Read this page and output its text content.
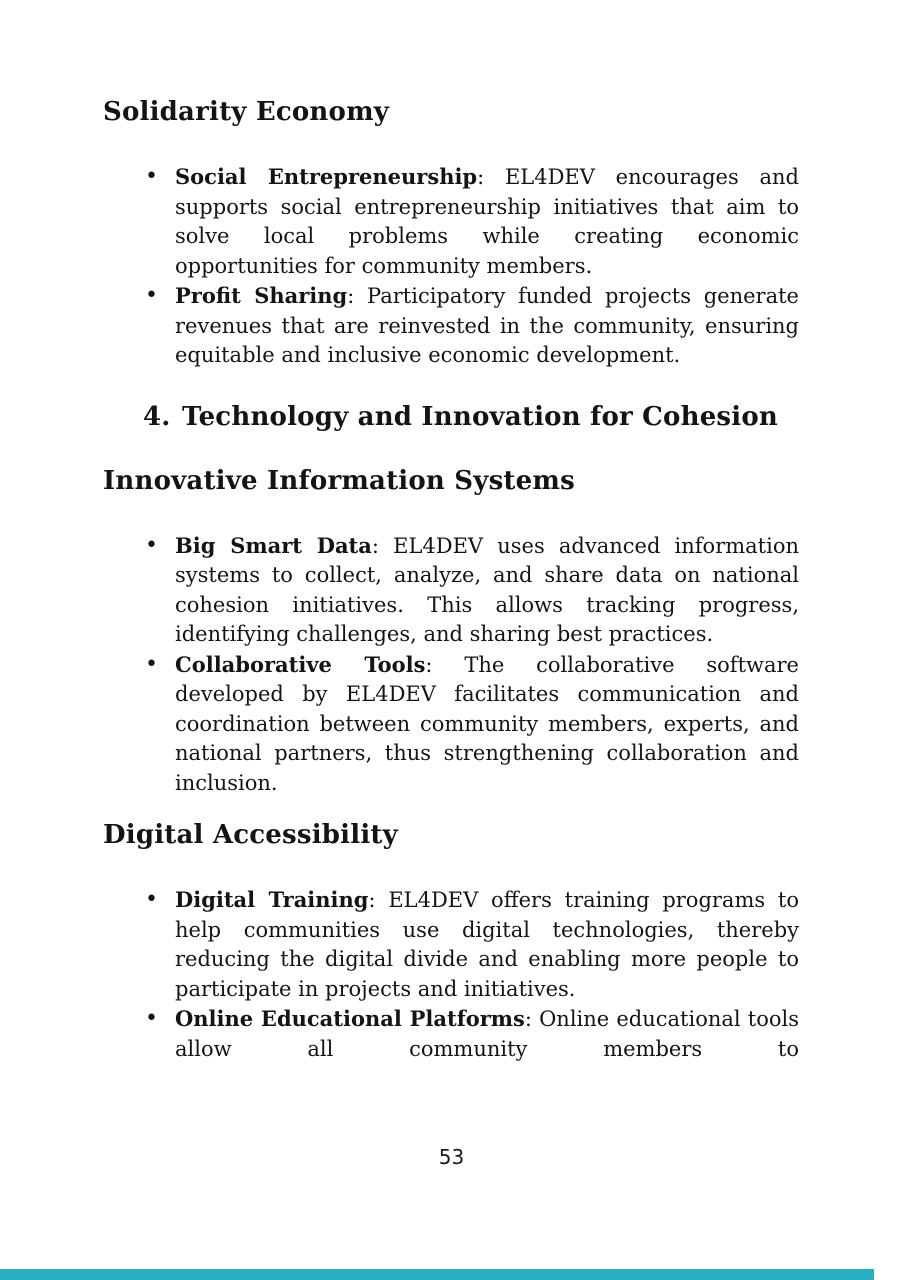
Solidarity Economy

• Social Entrepreneurship: EL4DEV encourages and supports social entrepreneurship initiatives that aim to solve local problems while creating economic opportunities for community members.

• Profit Sharing: Participatory funded projects generate revenues that are reinvested in the community, ensuring equitable and inclusive economic development.

4. Technology and Innovation for Cohesion
Innovative Information Systems

• Big Smart Data: EL4DEV uses advanced information systems to collect, analyze, and share data on national cohesion initiatives. This allows tracking progress, identifying challenges, and sharing best practices.

• Collaborative Tools: The collaborative software developed by EL4DEV facilitates communication and coordination between community members, experts, and national partners, thus strengthening collaboration and inclusion.

Digital Accessibility

• Digital Training: EL4DEV offers training programs to help communities use digital technologies, thereby reducing the digital divide and enabling more people to participate in projects and initiatives.

• Online Educational Platforms: Online educational tools allow all community members to

53
